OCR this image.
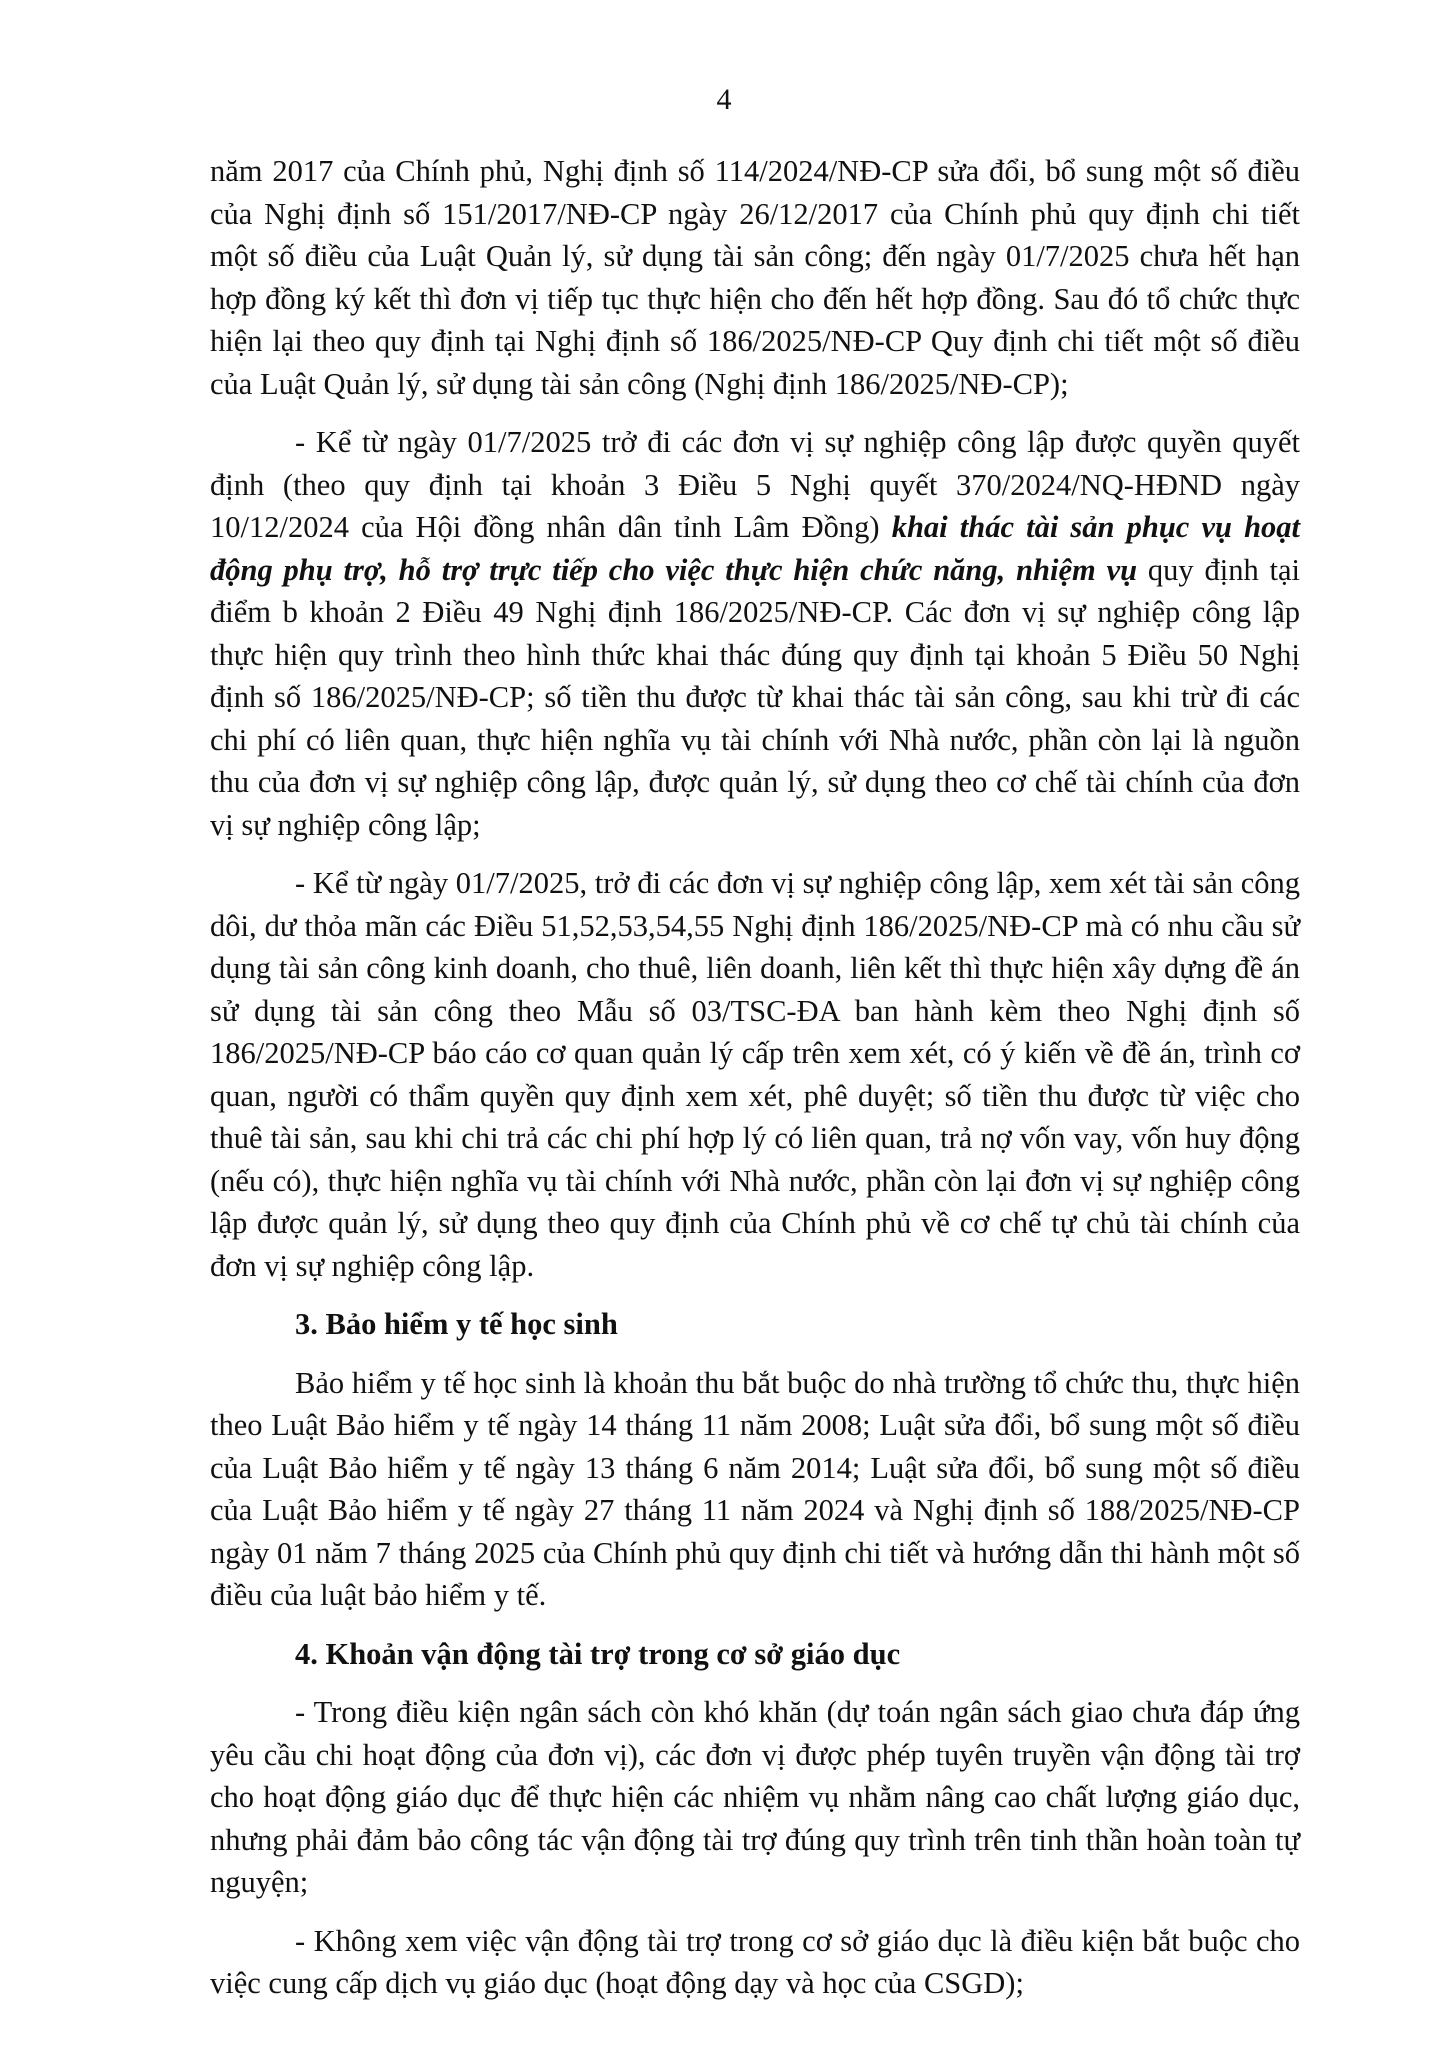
4

năm 2017 của Chính phủ, Nghị định số 114/2024/NĐ-CP sửa đổi, bổ sung một số điều của Nghị định số 151/2017/NĐ-CP ngày 26/12/2017 của Chính phủ quy định chi tiết một số điều của Luật Quản lý, sử dụng tài sản công; đến ngày 01/7/2025 chưa hết hạn hợp đồng ký kết thì đơn vị tiếp tục thực hiện cho đến hết hợp đồng. Sau đó tổ chức thực hiện lại theo quy định tại Nghị định số 186/2025/NĐ-CP Quy định chi tiết một số điều của Luật Quản lý, sử dụng tài sản công (Nghị định 186/2025/NĐ-CP);

- Kể từ ngày 01/7/2025 trở đi các đơn vị sự nghiệp công lập được quyền quyết định (theo quy định tại khoản 3 Điều 5 Nghị quyết 370/2024/NQ-HĐND ngày 10/12/2024 của Hội đồng nhân dân tỉnh Lâm Đồng) khai thác tài sản phục vụ hoạt động phụ trợ, hỗ trợ trực tiếp cho việc thực hiện chức năng, nhiệm vụ quy định tại điểm b khoản 2 Điều 49 Nghị định 186/2025/NĐ-CP. Các đơn vị sự nghiệp công lập thực hiện quy trình theo hình thức khai thác đúng quy định tại khoản 5 Điều 50 Nghị định số 186/2025/NĐ-CP; số tiền thu được từ khai thác tài sản công, sau khi trừ đi các chi phí có liên quan, thực hiện nghĩa vụ tài chính với Nhà nước, phần còn lại là nguồn thu của đơn vị sự nghiệp công lập, được quản lý, sử dụng theo cơ chế tài chính của đơn vị sự nghiệp công lập;

- Kể từ ngày 01/7/2025, trở đi các đơn vị sự nghiệp công lập, xem xét tài sản công dôi, dư thỏa mãn các Điều 51,52,53,54,55 Nghị định 186/2025/NĐ-CP mà có nhu cầu sử dụng tài sản công kinh doanh, cho thuê, liên doanh, liên kết thì thực hiện xây dựng đề án sử dụng tài sản công theo Mẫu số 03/TSC-ĐA ban hành kèm theo Nghị định số 186/2025/NĐ-CP báo cáo cơ quan quản lý cấp trên xem xét, có ý kiến về đề án, trình cơ quan, người có thẩm quyền quy định xem xét, phê duyệt; số tiền thu được từ việc cho thuê tài sản, sau khi chi trả các chi phí hợp lý có liên quan, trả nợ vốn vay, vốn huy động (nếu có), thực hiện nghĩa vụ tài chính với Nhà nước, phần còn lại đơn vị sự nghiệp công lập được quản lý, sử dụng theo quy định của Chính phủ về cơ chế tự chủ tài chính của đơn vị sự nghiệp công lập.

3. Bảo hiểm y tế học sinh

Bảo hiểm y tế học sinh là khoản thu bắt buộc do nhà trường tổ chức thu, thực hiện theo Luật Bảo hiểm y tế ngày 14 tháng 11 năm 2008; Luật sửa đổi, bổ sung một số điều của Luật Bảo hiểm y tế ngày 13 tháng 6 năm 2014; Luật sửa đổi, bổ sung một số điều của Luật Bảo hiểm y tế ngày 27 tháng 11 năm 2024 và Nghị định số 188/2025/NĐ-CP ngày 01 năm 7 tháng 2025 của Chính phủ quy định chi tiết và hướng dẫn thi hành một số điều của luật bảo hiểm y tế.

4. Khoản vận động tài trợ trong cơ sở giáo dục

- Trong điều kiện ngân sách còn khó khăn (dự toán ngân sách giao chưa đáp ứng yêu cầu chi hoạt động của đơn vị), các đơn vị được phép tuyên truyền vận động tài trợ cho hoạt động giáo dục để thực hiện các nhiệm vụ nhằm nâng cao chất lượng giáo dục, nhưng phải đảm bảo công tác vận động tài trợ đúng quy trình trên tinh thần hoàn toàn tự nguyện;

- Không xem việc vận động tài trợ trong cơ sở giáo dục là điều kiện bắt buộc cho việc cung cấp dịch vụ giáo dục (hoạt động dạy và học của CSGD);
